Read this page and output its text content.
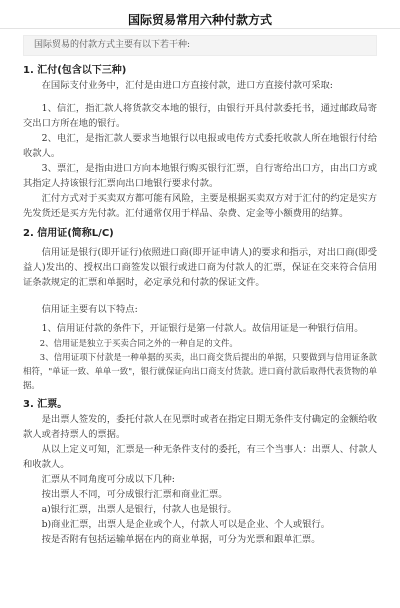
国际贸易常用六种付款方式
国际贸易的付款方式主要有以下若干种:
1. 汇付(包含以下三种)

在国际支付业务中，汇付是由进口方直接付款，进口方直接付款可采取:

1、信汇，指汇款人将货款交本地的银行，由银行开具付款委托书，通过邮政局寄交出口方所在地的银行。

2、电汇，是指汇款人要求当地银行以电报或电传方式委托收款人所在地银行付给收款人。

3、票汇，是指由进口方向本地银行购买银行汇票，自行寄给出口方，由出口方或其指定人持该银行汇票向出口地银行要求付款。

汇付方式对于买卖双方都可能有风险，主要是根据买卖双方对于汇付的约定是实方先发货还是买方先付款。汇付通常仅用于样品、杂费、定金等小额费用的结算。

2. 信用证(简称L/C)

信用证是银行(即开证行)依照进口商(即开证申请人)的要求和指示，对出口商(即受益人)发出的、授权出口商签发以银行或进口商为付款人的汇票，保证在交来符合信用证条款规定的汇票和单据时，必定承兑和付款的保证文件。

信用证主要有以下特点:

1、信用证付款的条件下，开证银行是第一付款人。故信用证是一种银行信用。

2、信用证是独立于买卖合同之外的一种自足的文件。

3、信用证项下付款是一种单据的买卖，出口商交货后提出的单据，只要做到与信用证条款相符，"单证一致、单单一致"，银行就保证向出口商支付货款。进口商付款后取得代表货物的单据。

3. 汇票。

是出票人签发的，委托付款人在见票时或者在指定日期无条件支付确定的金额给收款人或者持票人的票据。

从以上定义可知，汇票是一种无条件支付的委托，有三个当事人：出票人、付款人和收款人。

汇票从不同角度可分成以下几种:

按出票人不同，可分成银行汇票和商业汇票。

a)银行汇票，出票人是银行，付款人也是银行。

b)商业汇票，出票人是企业或个人，付款人可以是企业、个人或银行。

按是否附有包括运输单据在内的商业单据，可分为光票和跟单汇票。
